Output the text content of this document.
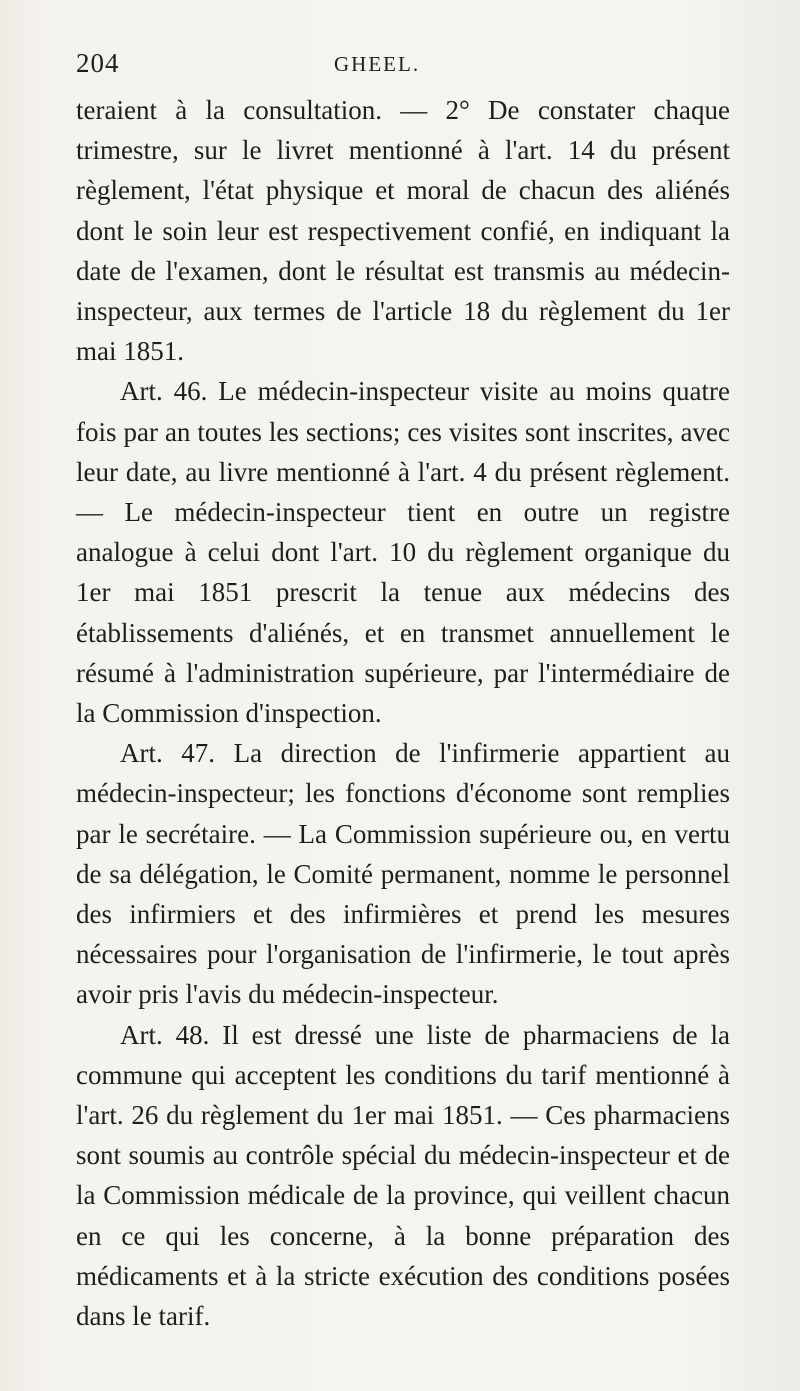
204	GHEEL.

teraient à la consultation. — 2° De constater chaque trimestre, sur le livret mentionné à l'art. 14 du présent règlement, l'état physique et moral de chacun des aliénés dont le soin leur est respectivement confié, en indiquant la date de l'examen, dont le résultat est transmis au médecin-inspecteur, aux termes de l'article 18 du règlement du 1er mai 1851.

Art. 46. Le médecin-inspecteur visite au moins quatre fois par an toutes les sections; ces visites sont inscrites, avec leur date, au livre mentionné à l'art. 4 du présent règlement. — Le médecin-inspecteur tient en outre un registre analogue à celui dont l'art. 10 du règlement organique du 1er mai 1851 prescrit la tenue aux médecins des établissements d'aliénés, et en transmet annuellement le résumé à l'administration supérieure, par l'intermédiaire de la Commission d'inspection.

Art. 47. La direction de l'infirmerie appartient au médecin-inspecteur; les fonctions d'économe sont remplies par le secrétaire. — La Commission supérieure ou, en vertu de sa délégation, le Comité permanent, nomme le personnel des infirmiers et des infirmières et prend les mesures nécessaires pour l'organisation de l'infirmerie, le tout après avoir pris l'avis du médecin-inspecteur.

Art. 48. Il est dressé une liste de pharmaciens de la commune qui acceptent les conditions du tarif mentionné à l'art. 26 du règlement du 1er mai 1851. — Ces pharmaciens sont soumis au contrôle spécial du médecin-inspecteur et de la Commission médicale de la province, qui veillent chacun en ce qui les concerne, à la bonne préparation des médicaments et à la stricte exécution des conditions posées dans le tarif.
